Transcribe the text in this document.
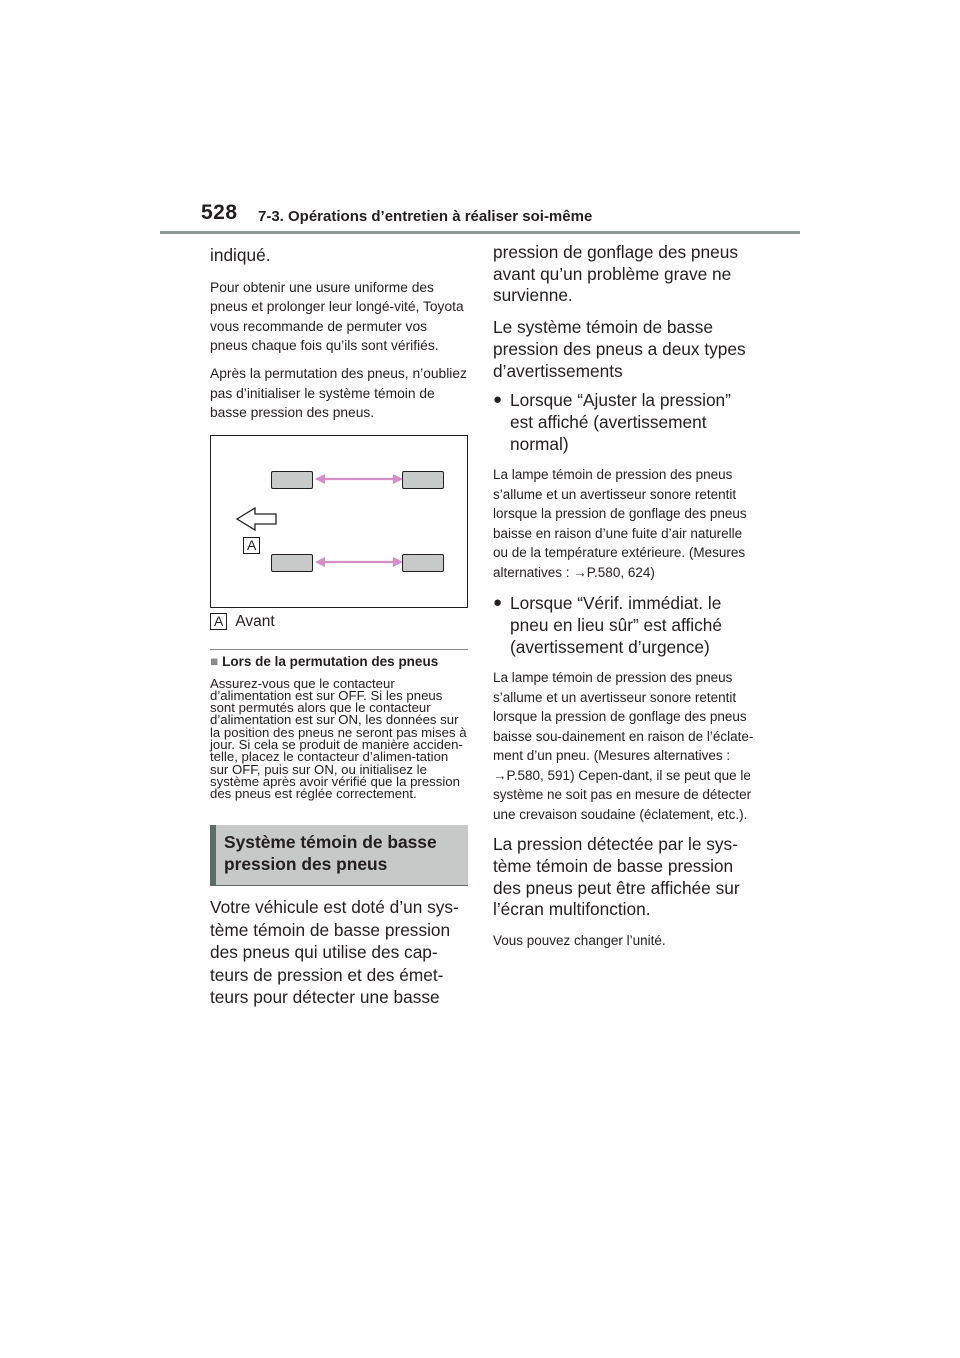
528 7-3. Opérations d’entretien à réaliser soi-même

indiqué.

Pour obtenir une usure uniforme des pneus et prolonger leur longé-vité, Toyota vous recommande de permuter vos pneus chaque fois qu’ils sont vérifiés.

Après la permutation des pneus, n’oubliez pas d’initialiser le système témoin de basse pression des pneus.

A
A Avant
■ Lors de la permutation des pneus

Assurez-vous que le contacteur d’alimentation est sur OFF. Si les pneus sont permutés alors que le contacteur d’alimentation est sur ON, les données sur la position des pneus ne seront pas mises à jour. Si cela se produit de manière acciden-telle, placez le contacteur d’alimen-tation sur OFF, puis sur ON, ou initialisez le système après avoir vérifié que la pression des pneus est réglée correctement.

Système témoin de basse pression des pneus

Votre véhicule est doté d’un sys-tème témoin de basse pression des pneus qui utilise des cap-teurs de pression et des émet-teurs pour détecter une basse

pression de gonflage des pneus avant qu’un problème grave ne survienne.

Le système témoin de basse pression des pneus a deux types d’avertissements

● Lorsque “Ajuster la pression” est affiché (avertissement normal)

La lampe témoin de pression des pneus s’allume et un avertisseur sonore retentit lorsque la pression de gonflage des pneus baisse en raison d’une fuite d’air naturelle ou de la température extérieure. (Mesures alternatives : →P.580, 624)

● Lorsque “Vérif. immédiat. le pneu en lieu sûr” est affiché (avertissement d’urgence)

La lampe témoin de pression des pneus s’allume et un avertisseur sonore retentit lorsque la pression de gonflage des pneus baisse sou-dainement en raison de l’éclate-ment d’un pneu. (Mesures alternatives : →P.580, 591) Cepen-dant, il se peut que le système ne soit pas en mesure de détecter une crevaison soudaine (éclatement, etc.).

La pression détectée par le sys-tème témoin de basse pression des pneus peut être affichée sur l’écran multifonction.

Vous pouvez changer l’unité.
